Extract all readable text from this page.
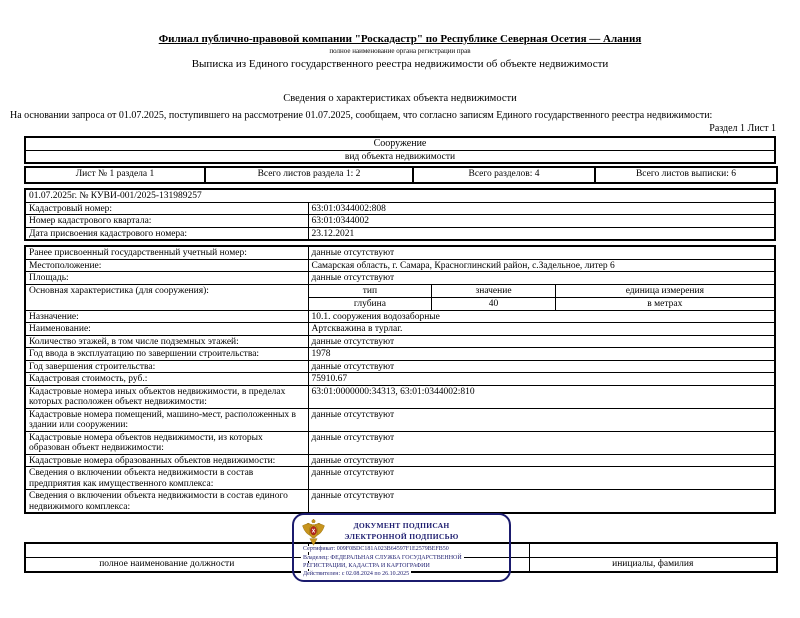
Филиал публично-правовой компании "Роскадастр" по Республике Северная Осетия — Алания
полное наименование органа регистрации прав
Выписка из Единого государственного реестра недвижимости об объекте недвижимости
Сведения о характеристиках объекта недвижимости
На основании запроса от 01.07.2025, поступившего на рассмотрение 01.07.2025, сообщаем, что согласно записям Единого государственного реестра недвижимости:
Раздел 1 Лист 1
Сооружение
вид объекта недвижимости
Лист № 1 раздела 1	Всего листов раздела 1: 2	Всего разделов: 4	Всего листов выписки: 6
01.07.2025г. № КУВИ-001/2025-131989257	
Кадастровый номер:	63:01:0344002:808
Номер кадастрового квартала:	63:01:0344002
Дата присвоения кадастрового номера:	23.12.2021
Ранее присвоенный государственный учетный номер:	данные отсутствуют
Местоположение:	Самарская область, г. Самара, Красноглинский район, с.Задельное, литер 6
Площадь:	данные отсутствуют
Основная характеристика (для сооружения):		тип	значение	единица измерения
глубина	40	в метрах

Назначение:	10.1. сооружения водозаборные
Наименование:	Артскважина в турлаг.
Количество этажей, в том числе подземных этажей:	данные отсутствуют
Год ввода в эксплуатацию по завершении строительства:	1978
Год завершения строительства:	данные отсутствуют
Кадастровая стоимость, руб.:	75910.67
Кадастровые номера иных объектов недвижимости, в пределах которых расположен объект недвижимости:	63:01:0000000:34313, 63:01:0344002:810
Кадастровые номера помещений, машино-мест, расположенных в здании или сооружении:	данные отсутствуют
Кадастровые номера объектов недвижимости, из которых образован объект недвижимости:	данные отсутствуют
Кадастровые номера образованных объектов недвижимости:	данные отсутствуют
Сведения о включении объекта недвижимости в состав предприятия как имущественного комплекса:	данные отсутствуют
Сведения о включении объекта недвижимости в состав единого недвижимого комплекса:	данные отсутствуют

полное наименование должности		инициалы, фамилия
ДОКУМЕНТ ПОДПИСАН
ЭЛЕКТРОННОЙ ПОДПИСЬЮ
Сертификат: 009F0BDC181A023B64597F1E2579BEFB50
Владелец: ФЕДЕРАЛЬНАЯ СЛУЖБА ГОСУДАРСТВЕННОЙ
РЕГИСТРАЦИИ, КАДАСТРА И КАРТОГРАФИИ
Действителен: с 02.08.2024 по 26.10.2025
